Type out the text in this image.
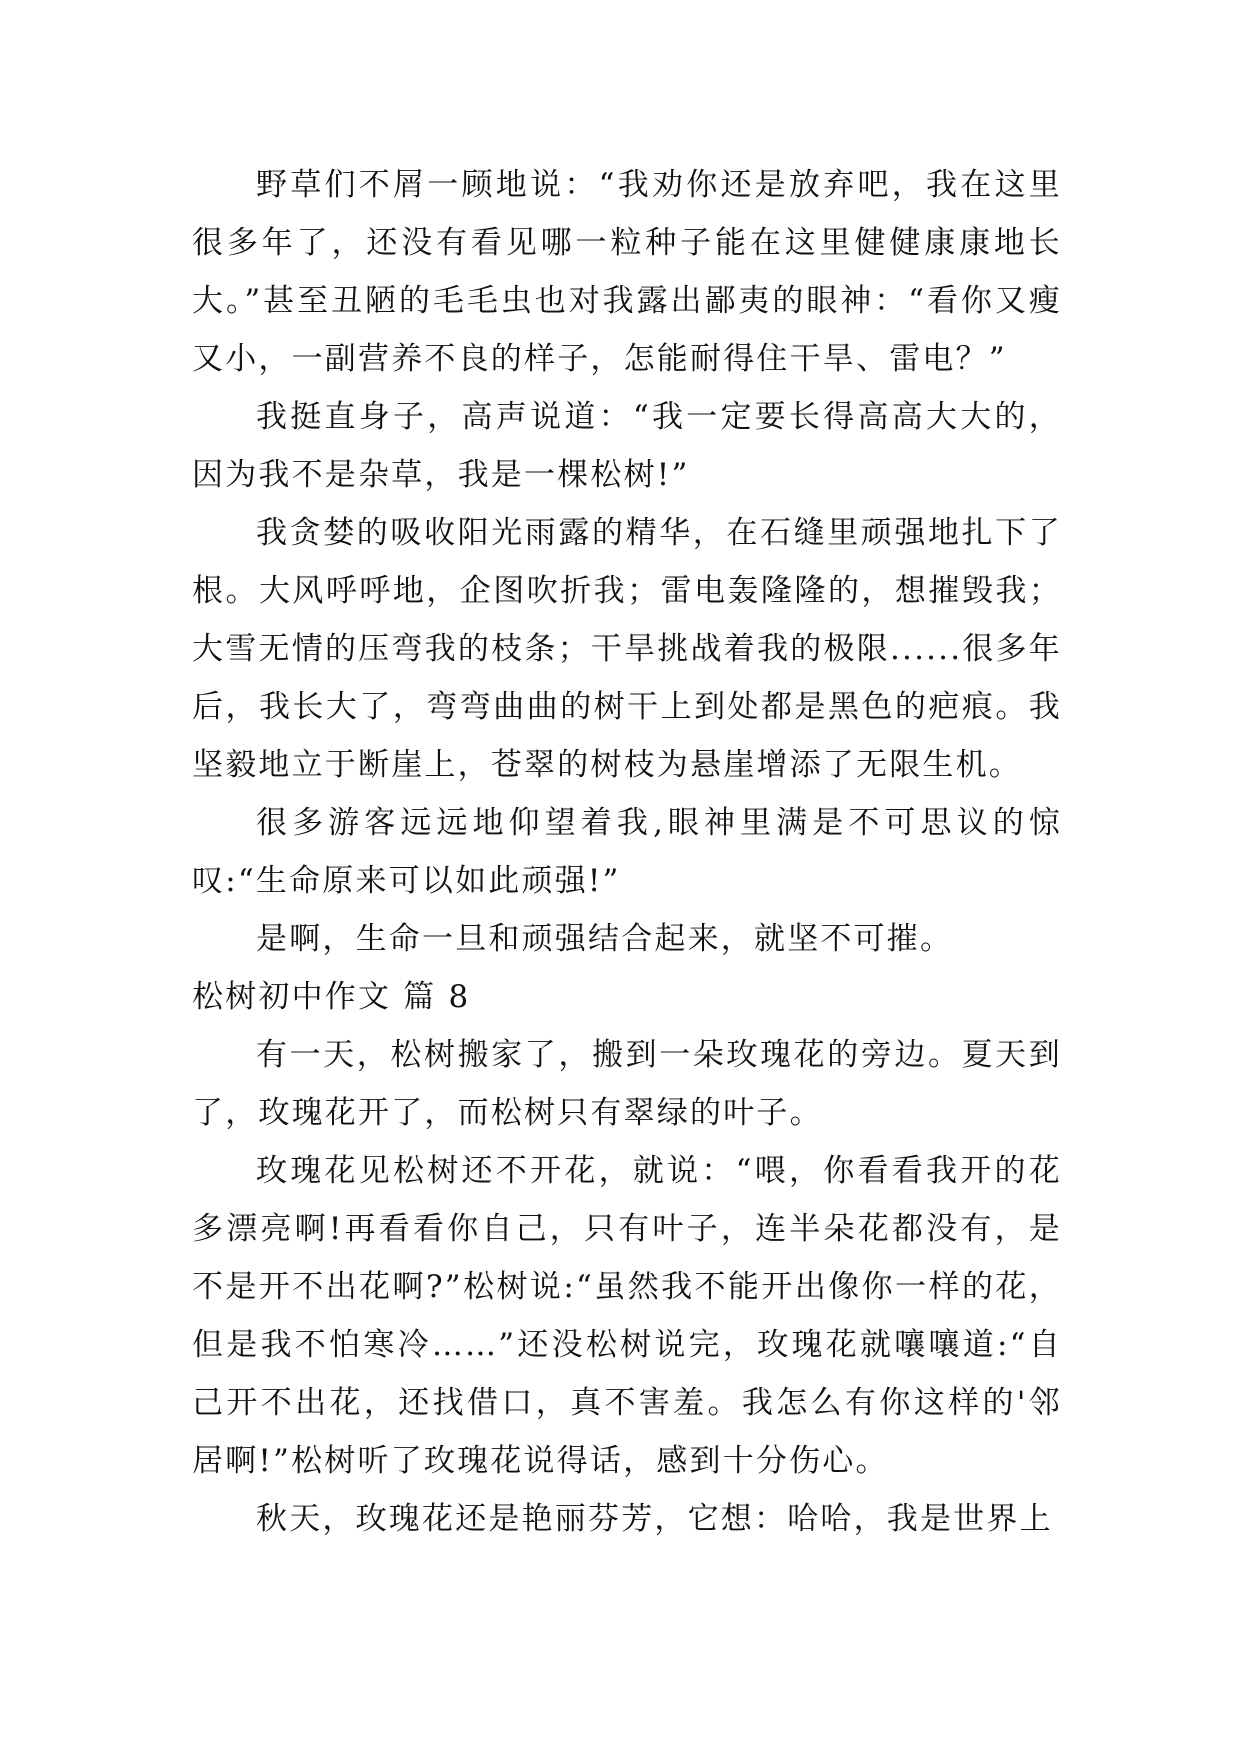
野草们不屑一顾地说：“我劝你还是放弃吧，我在这里很多年了，还没有看见哪一粒种子能在这里健健康康地长大。”甚至丑陋的毛毛虫也对我露出鄙夷的眼神：“看你又瘦又小，一副营养不良的样子，怎能耐得住干旱、雷电？”

我挺直身子，高声说道：“我一定要长得高高大大的，因为我不是杂草，我是一棵松树!”

我贪婪的吸收阳光雨露的精华，在石缝里顽强地扎下了根。大风呼呼地，企图吹折我；雷电轰隆隆的，想摧毁我；大雪无情的压弯我的枝条；干旱挑战着我的极限......很多年后，我长大了，弯弯曲曲的树干上到处都是黑色的疤痕。我坚毅地立于断崖上，苍翠的树枝为悬崖增添了无限生机。

很多游客远远地仰望着我,眼神里满是不可思议的惊叹:“生命原来可以如此顽强!”

是啊，生命一旦和顽强结合起来，就坚不可摧。

松树初中作文 篇 8

有一天，松树搬家了，搬到一朵玫瑰花的旁边。夏天到了，玫瑰花开了，而松树只有翠绿的叶子。

玫瑰花见松树还不开花，就说：“喂，你看看我开的花多漂亮啊!再看看你自己，只有叶子，连半朵花都没有，是不是开不出花啊?”松树说:“虽然我不能开出像你一样的花，但是我不怕寒冷……”还没松树说完，玫瑰花就嚷嚷道:“自己开不出花，还找借口，真不害羞。我怎么有你这样的'邻居啊!”松树听了玫瑰花说得话，感到十分伤心。

秋天，玫瑰花还是艳丽芬芳，它想：哈哈，我是世界上
